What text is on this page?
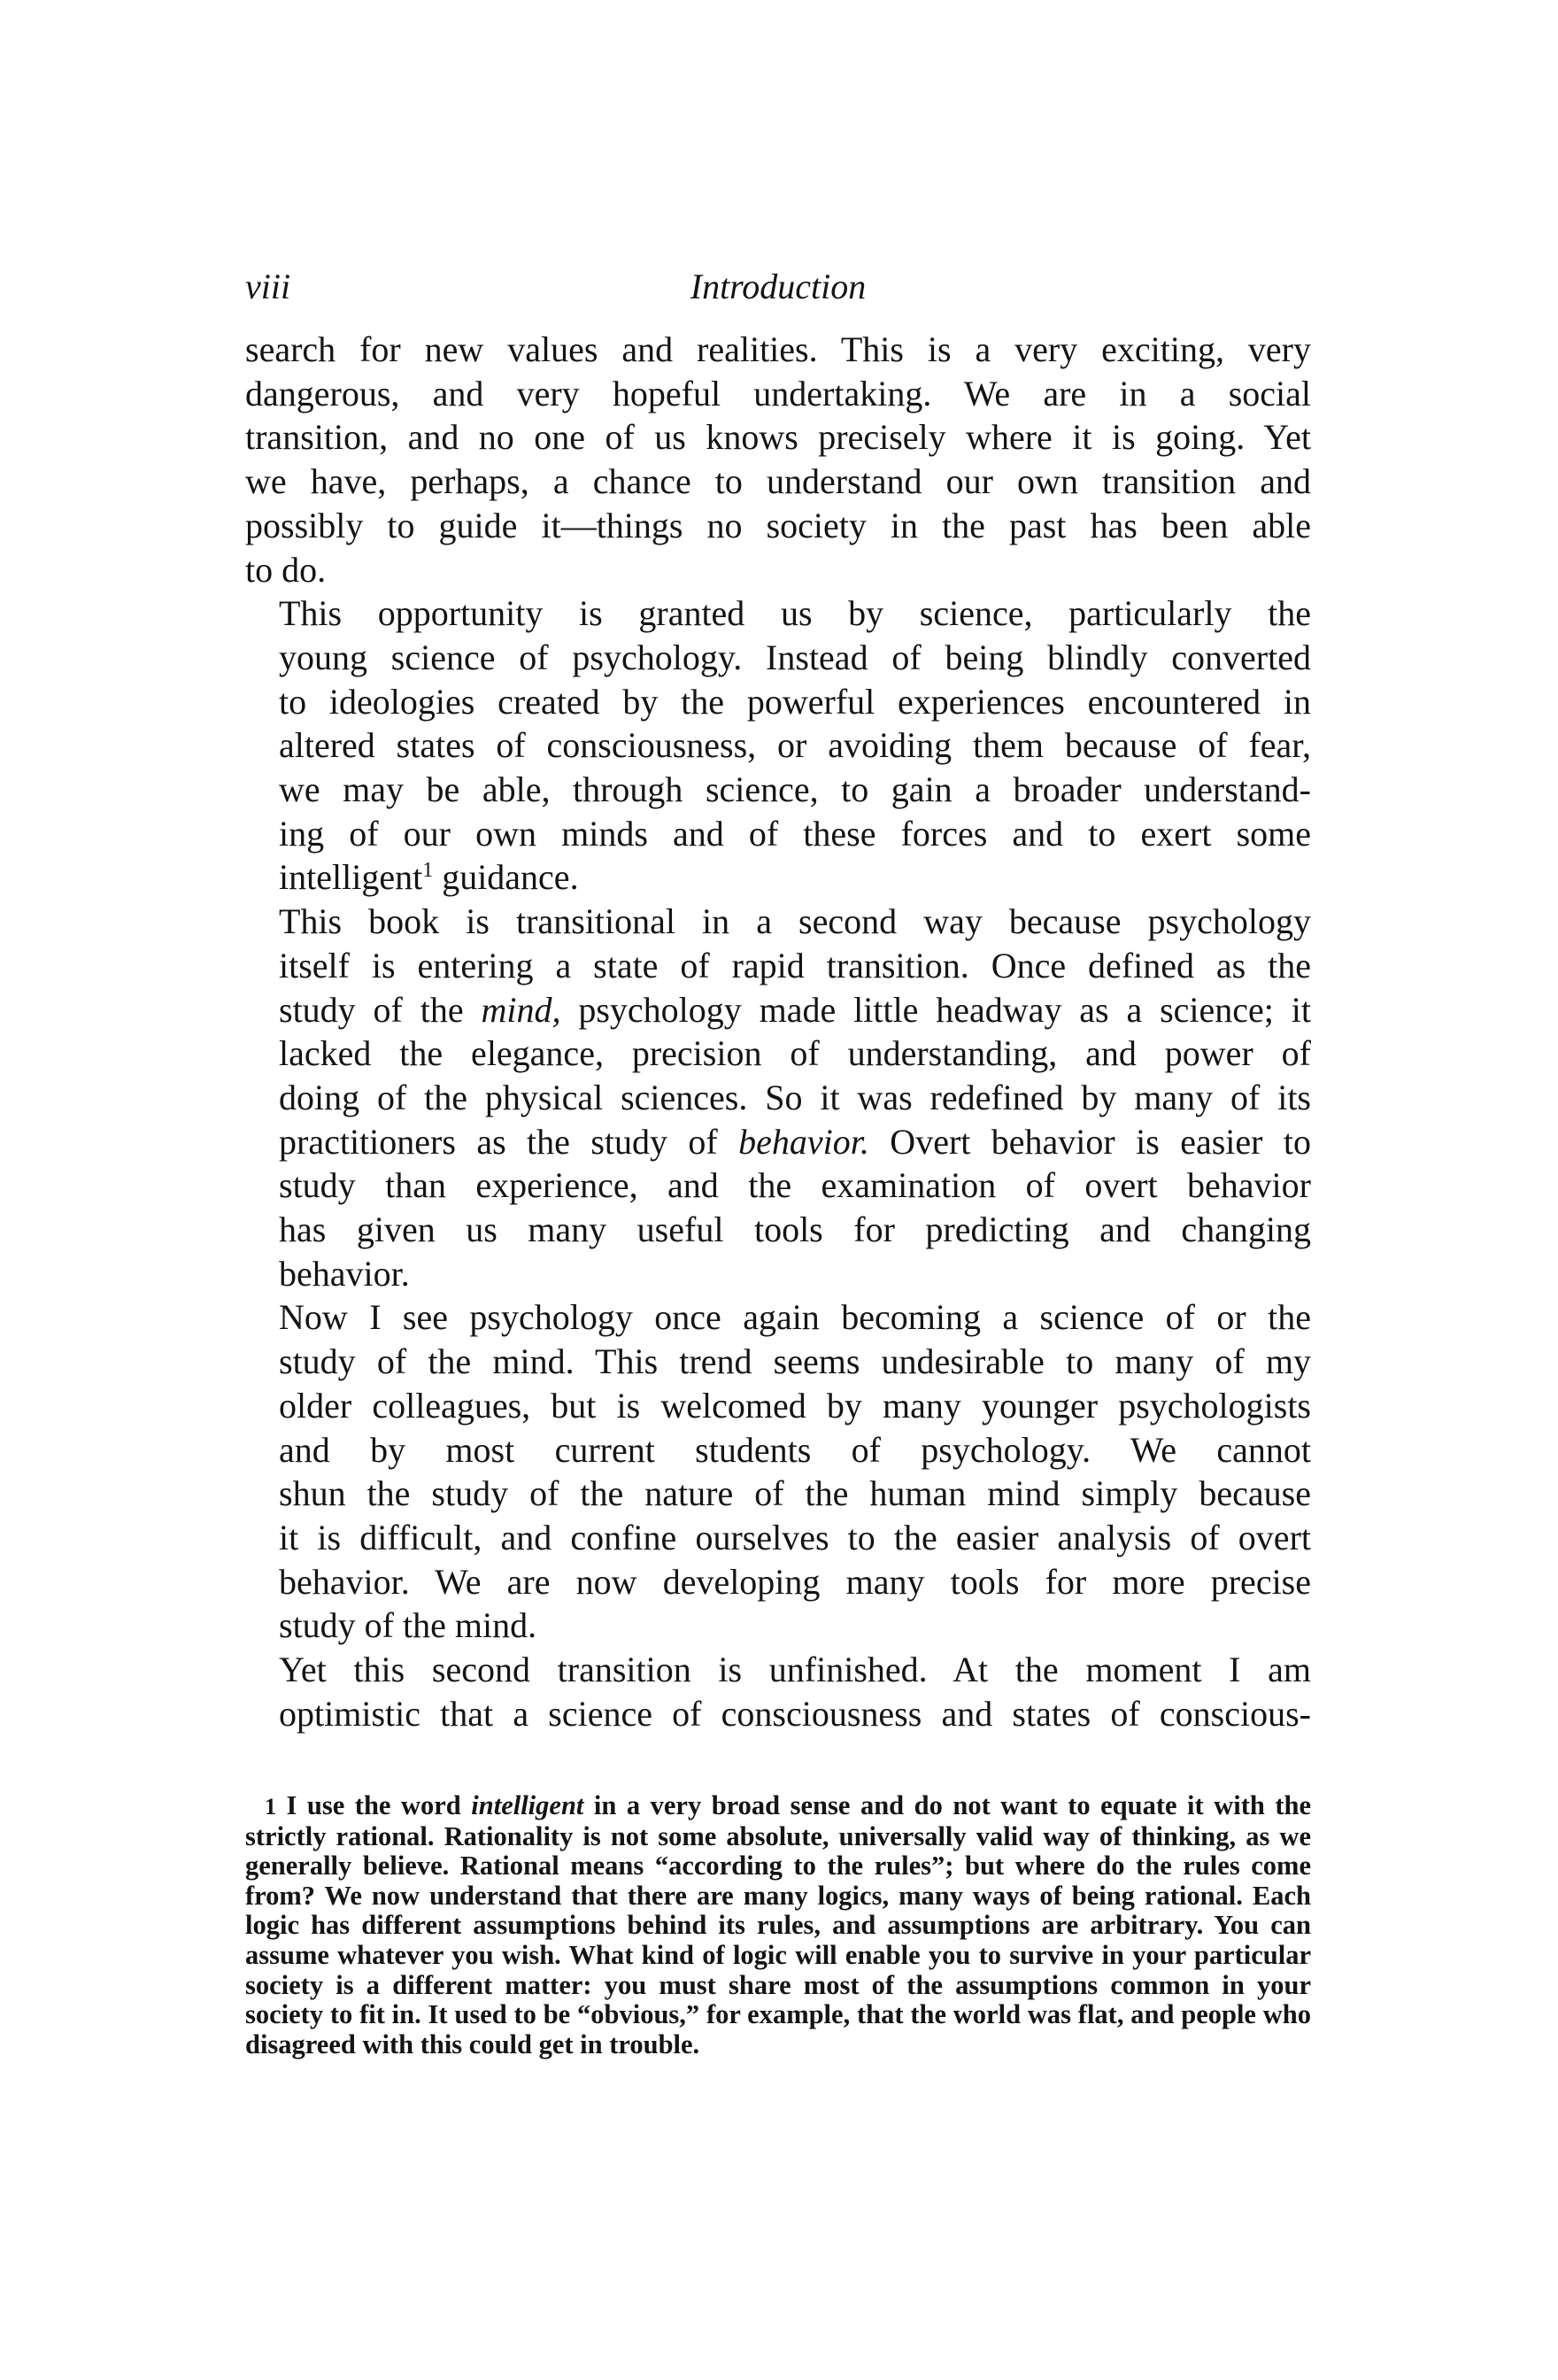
viii	Introduction

search for new values and realities. This is a very exciting, very
dangerous, and very hopeful undertaking. We are in a social
transition, and no one of us knows precisely where it is going. Yet
we have, perhaps, a chance to understand our own transition and
possibly to guide it—things no society in the past has been able
to do.

This opportunity is granted us by science, particularly the
young science of psychology. Instead of being blindly converted
to ideologies created by the powerful experiences encountered in
altered states of consciousness, or avoiding them because of fear,
we may be able, through science, to gain a broader understand-
ing of our own minds and of these forces and to exert some
intelligent$^1$ guidance.

This book is transitional in a second way because psychology
itself is entering a state of rapid transition. Once defined as the
study of the mind, psychology made little headway as a science; it
lacked the elegance, precision of understanding, and power of
doing of the physical sciences. So it was redefined by many of its
practitioners as the study of behavior. Overt behavior is easier to
study than experience, and the examination of overt behavior
has given us many useful tools for predicting and changing
behavior.

Now I see psychology once again becoming a science of or the
study of the mind. This trend seems undesirable to many of my
older colleagues, but is welcomed by many younger psychologists
and by most current students of psychology. We cannot
shun the study of the nature of the human mind simply because
it is difficult, and confine ourselves to the easier analysis of overt
behavior. We are now developing many tools for more precise
study of the mind.

Yet this second transition is unfinished. At the moment I am
optimistic that a science of consciousness and states of conscious-

1 I use the word intelligent in a very broad sense and do not want to equate it with the strictly rational. Rationality is not some absolute, universally valid way of thinking, as we generally believe. Rational means “according to the rules”; but where do the rules come from? We now understand that there are many logics, many ways of being rational. Each logic has different assumptions behind its rules, and assumptions are arbitrary. You can assume whatever you wish. What kind of logic will enable you to survive in your particular society is a different matter: you must share most of the assumptions common in your society to fit in. It used to be “obvious,” for example, that the world was flat, and people who disagreed with this could get in trouble.
